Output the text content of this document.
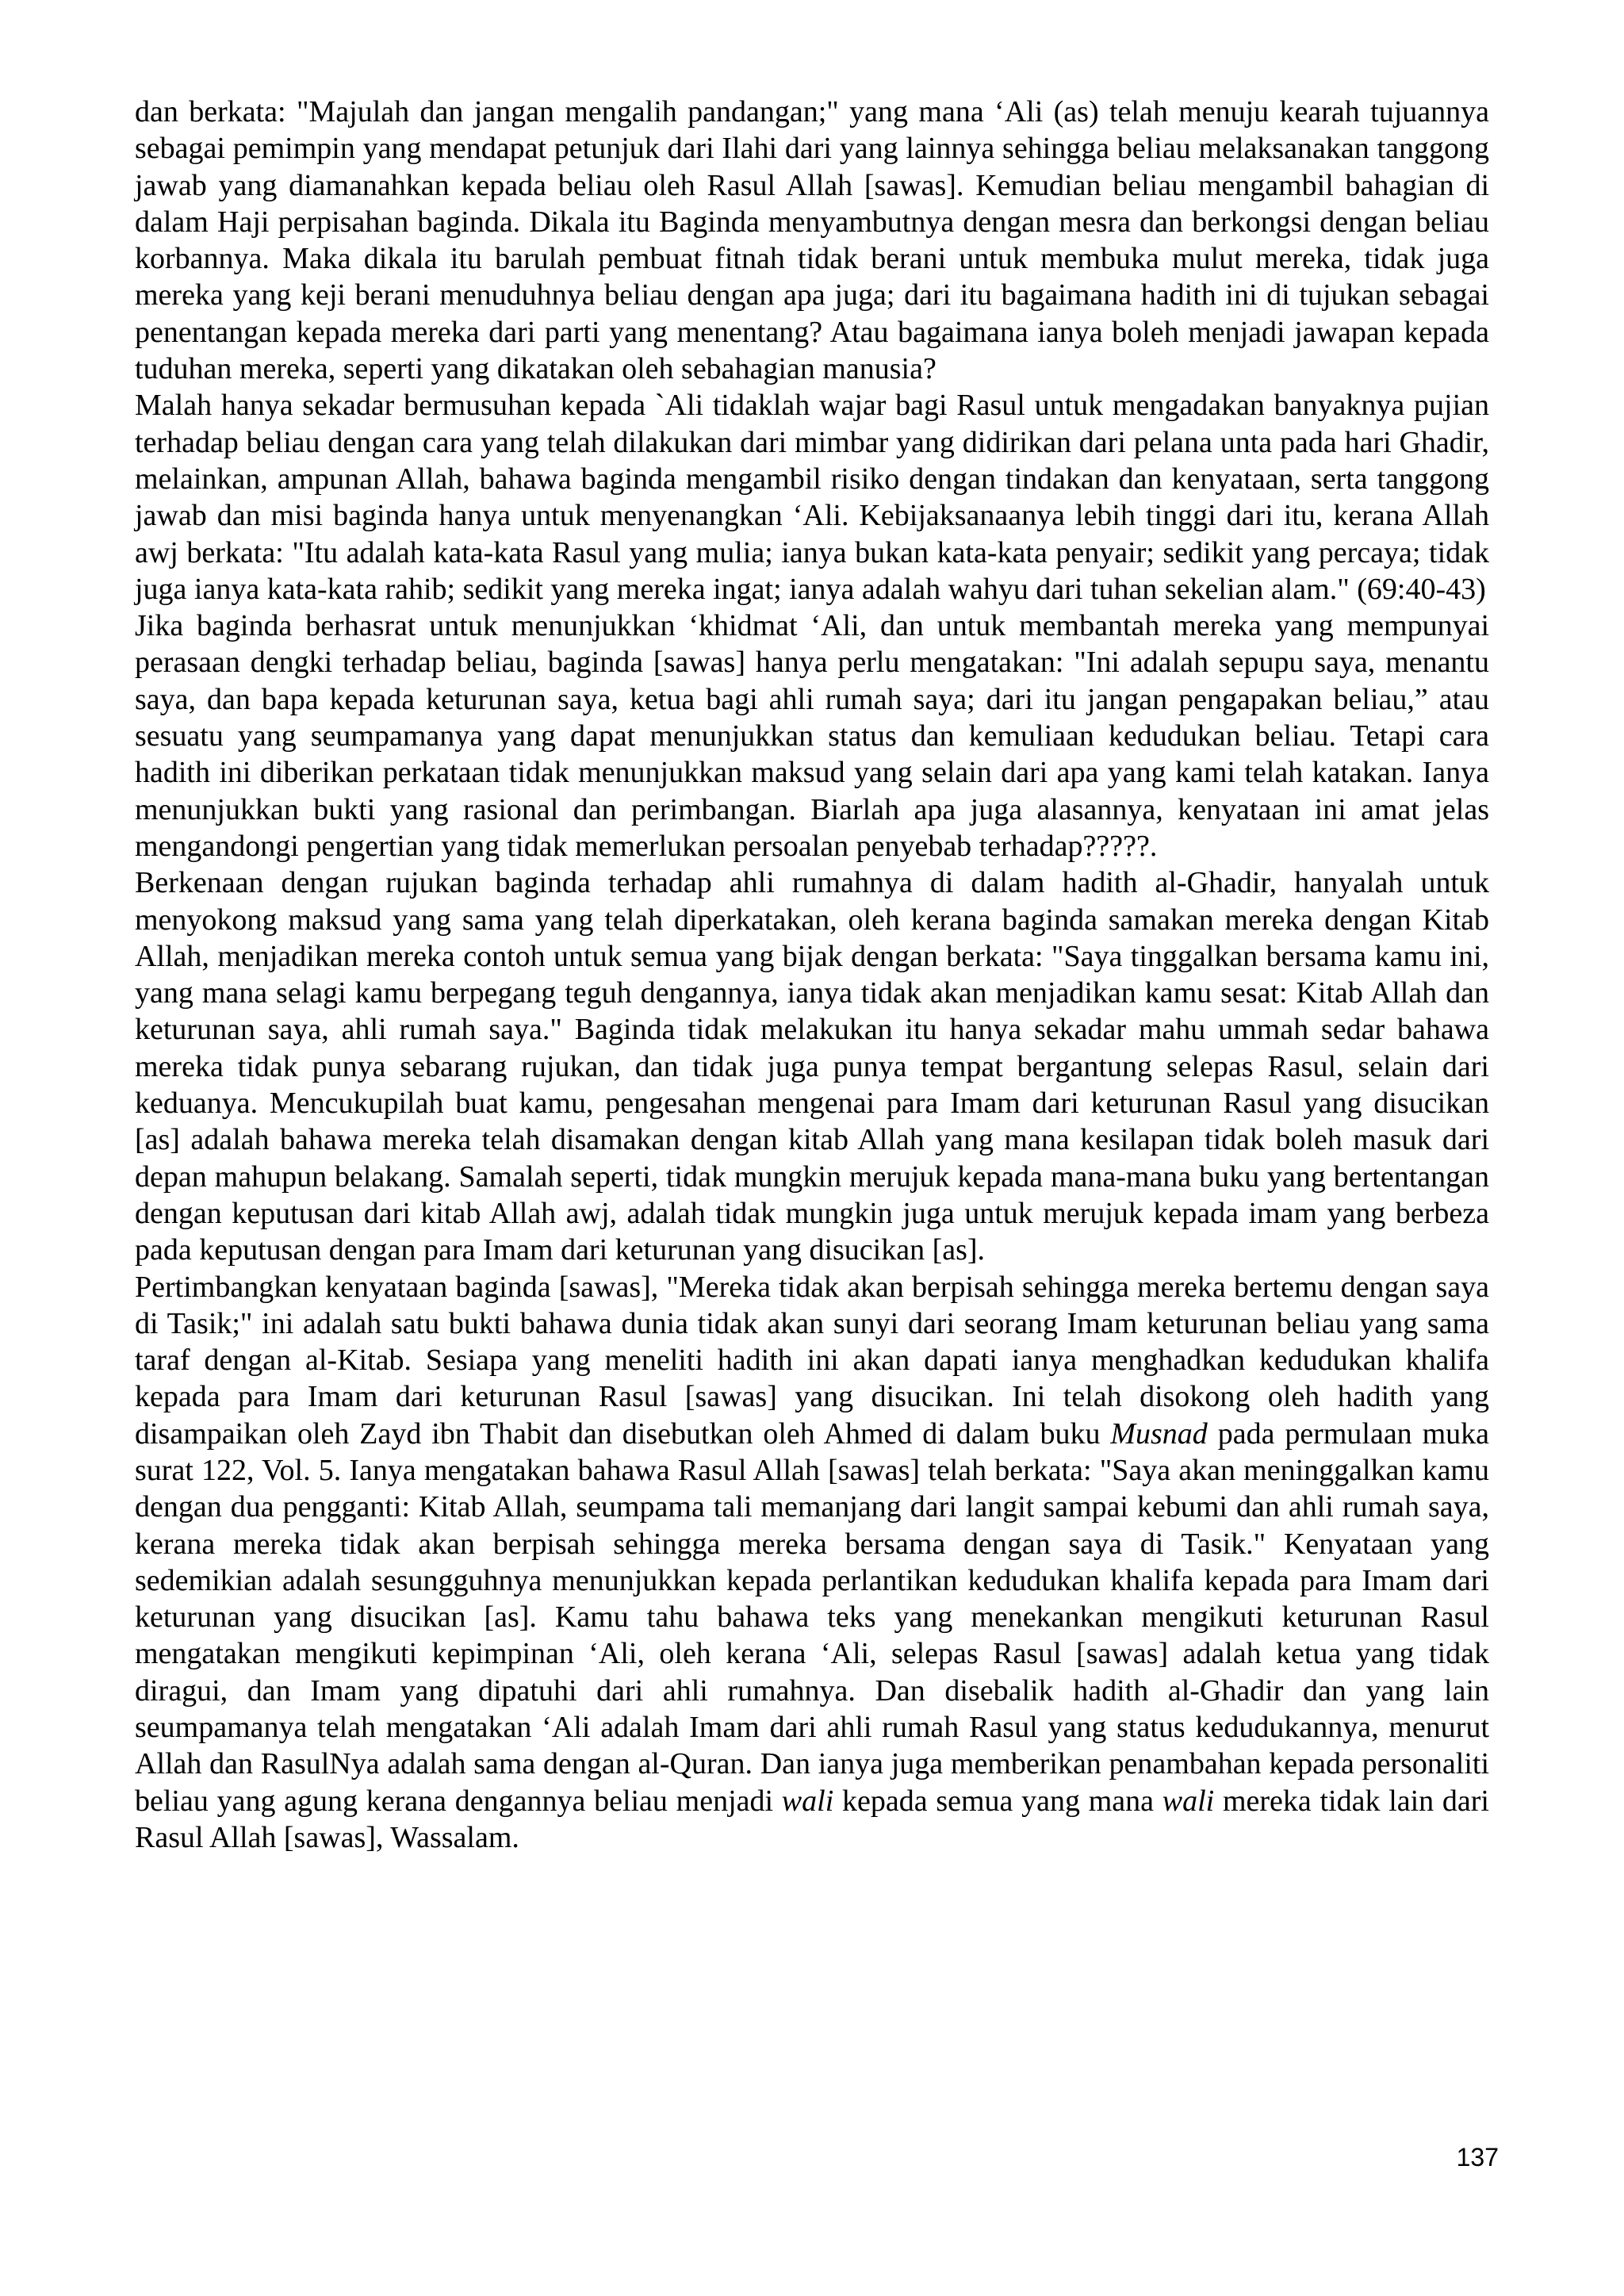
dan berkata: "Majulah dan jangan mengalih pandangan;" yang mana ‘Ali (as) telah menuju kearah tujuannya sebagai pemimpin yang mendapat petunjuk dari Ilahi dari yang lainnya sehingga beliau melaksanakan tanggong jawab yang diamanahkan kepada beliau oleh Rasul Allah [sawas]. Kemudian beliau mengambil bahagian di dalam Haji perpisahan baginda. Dikala itu Baginda menyambutnya dengan mesra dan berkongsi dengan beliau korbannya. Maka dikala itu barulah pembuat fitnah tidak berani untuk membuka mulut mereka, tidak juga mereka yang keji berani menuduhnya beliau dengan apa juga; dari itu bagaimana hadith ini di tujukan sebagai penentangan kepada mereka dari parti yang menentang? Atau bagaimana ianya boleh menjadi jawapan kepada tuduhan mereka, seperti yang dikatakan oleh sebahagian manusia?

Malah hanya sekadar bermusuhan kepada `Ali tidaklah wajar bagi Rasul untuk mengadakan banyaknya pujian terhadap beliau dengan cara yang telah dilakukan dari mimbar yang didirikan dari pelana unta pada hari Ghadir, melainkan, ampunan Allah, bahawa baginda mengambil risiko dengan tindakan dan kenyataan, serta tanggong jawab dan misi baginda hanya untuk menyenangkan ‘Ali. Kebijaksanaanya lebih tinggi dari itu, kerana Allah awj berkata: "Itu adalah kata-kata Rasul yang mulia; ianya bukan kata-kata penyair; sedikit yang percaya; tidak juga ianya kata-kata rahib; sedikit yang mereka ingat; ianya adalah wahyu dari tuhan sekelian alam." (69:40-43)

Jika baginda berhasrat untuk menunjukkan ‘khidmat ‘Ali, dan untuk membantah mereka yang mempunyai perasaan dengki terhadap beliau, baginda [sawas] hanya perlu mengatakan: "Ini adalah sepupu saya, menantu saya, dan bapa kepada keturunan saya, ketua bagi ahli rumah saya; dari itu jangan pengapakan beliau,” atau sesuatu yang seumpamanya yang dapat menunjukkan status dan kemuliaan kedudukan beliau. Tetapi cara hadith ini diberikan perkataan tidak menunjukkan maksud yang selain dari apa yang kami telah katakan. Ianya menunjukkan bukti yang rasional dan perimbangan. Biarlah apa juga alasannya, kenyataan ini amat jelas mengandongi pengertian yang tidak memerlukan persoalan penyebab terhadap?????.

Berkenaan dengan rujukan baginda terhadap ahli rumahnya di dalam hadith al-Ghadir, hanyalah untuk menyokong maksud yang sama yang telah diperkatakan, oleh kerana baginda samakan mereka dengan Kitab Allah, menjadikan mereka contoh untuk semua yang bijak dengan berkata: "Saya tinggalkan bersama kamu ini, yang mana selagi kamu berpegang teguh dengannya, ianya tidak akan menjadikan kamu sesat: Kitab Allah dan keturunan saya, ahli rumah saya." Baginda tidak melakukan itu hanya sekadar mahu ummah sedar bahawa mereka tidak punya sebarang rujukan, dan tidak juga punya tempat bergantung selepas Rasul, selain dari keduanya. Mencukupilah buat kamu, pengesahan mengenai para Imam dari keturunan Rasul yang disucikan [as] adalah bahawa mereka telah disamakan dengan kitab Allah yang mana kesilapan tidak boleh masuk dari depan mahupun belakang. Samalah seperti, tidak mungkin merujuk kepada mana-mana buku yang bertentangan dengan keputusan dari kitab Allah awj, adalah tidak mungkin juga untuk merujuk kepada imam yang berbeza pada keputusan dengan para Imam dari keturunan yang disucikan [as].

Pertimbangkan kenyataan baginda [sawas], "Mereka tidak akan berpisah sehingga mereka bertemu dengan saya di Tasik;" ini adalah satu bukti bahawa dunia tidak akan sunyi dari seorang Imam keturunan beliau yang sama taraf dengan al-Kitab. Sesiapa yang meneliti hadith ini akan dapati ianya menghadkan kedudukan khalifa kepada para Imam dari keturunan Rasul [sawas] yang disucikan. Ini telah disokong oleh hadith yang disampaikan oleh Zayd ibn Thabit dan disebutkan oleh Ahmed di dalam buku Musnad pada permulaan muka surat 122, Vol. 5. Ianya mengatakan bahawa Rasul Allah [sawas] telah berkata: "Saya akan meninggalkan kamu dengan dua pengganti: Kitab Allah, seumpama tali memanjang dari langit sampai kebumi dan ahli rumah saya, kerana mereka tidak akan berpisah sehingga mereka bersama dengan saya di Tasik." Kenyataan yang sedemikian adalah sesungguhnya menunjukkan kepada perlantikan kedudukan khalifa kepada para Imam dari keturunan yang disucikan [as]. Kamu tahu bahawa teks yang menekankan mengikuti keturunan Rasul mengatakan mengikuti kepimpinan ‘Ali, oleh kerana ‘Ali, selepas Rasul [sawas] adalah ketua yang tidak diragui, dan Imam yang dipatuhi dari ahli rumahnya. Dan disebalik hadith al-Ghadir dan yang lain seumpamanya telah mengatakan ‘Ali adalah Imam dari ahli rumah Rasul yang status kedudukannya, menurut Allah dan RasulNya adalah sama dengan al-Quran. Dan ianya juga memberikan penambahan kepada personaliti beliau yang agung kerana dengannya beliau menjadi wali kepada semua yang mana wali mereka tidak lain dari Rasul Allah [sawas], Wassalam.

137
